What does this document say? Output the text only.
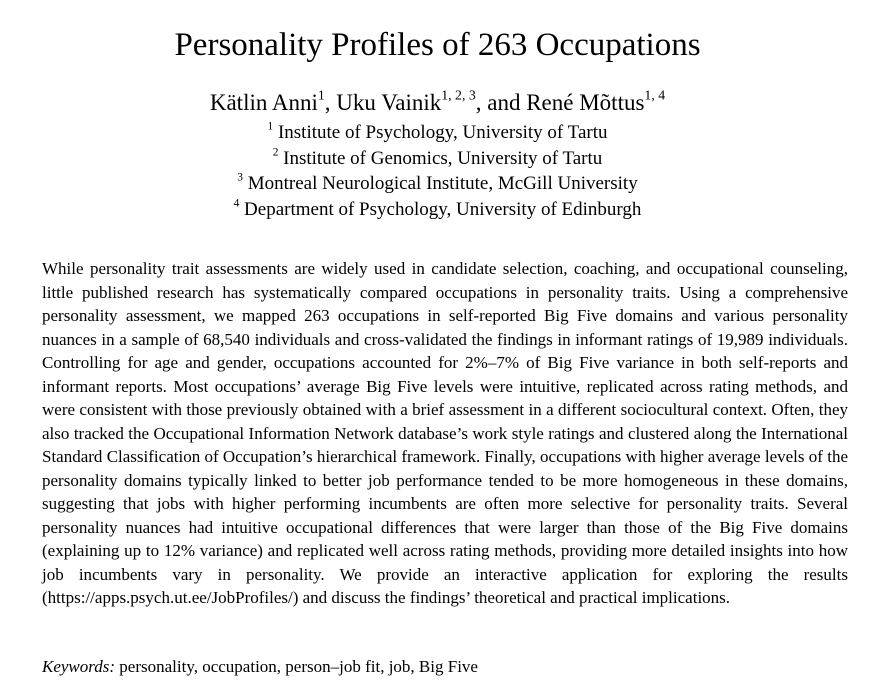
Personality Profiles of 263 Occupations
Kätlin Anni$^1$, Uku Vainik$^{1, 2, 3}$, and René Mõttus$^{1, 4}$
$^1$ Institute of Psychology, University of Tartu
$^2$ Institute of Genomics, University of Tartu
$^3$ Montreal Neurological Institute, McGill University
$^4$ Department of Psychology, University of Edinburgh

While personality trait assessments are widely used in candidate selection, coaching, and occupational counseling, little published research has systematically compared occupations in personality traits. Using a comprehensive personality assessment, we mapped 263 occupations in self-reported Big Five domains and various personality nuances in a sample of 68,540 individuals and cross-validated the findings in informant ratings of 19,989 individuals. Controlling for age and gender, occupations accounted for 2%–7% of Big Five variance in both self-reports and informant reports. Most occupations’ average Big Five levels were intuitive, replicated across rating methods, and were consistent with those previously obtained with a brief assessment in a different sociocultural context. Often, they also tracked the Occupational Information Network database’s work style ratings and clustered along the International Standard Classification of Occupation’s hierarchical framework. Finally, occupations with higher average levels of the personality domains typically linked to better job performance tended to be more homogeneous in these domains, suggesting that jobs with higher performing incumbents are often more selective for personality traits. Several personality nuances had intuitive occupational differences that were larger than those of the Big Five domains (explaining up to 12% variance) and replicated well across rating methods, providing more detailed insights into how job incumbents vary in personality. We provide an interactive application for exploring the results (https://apps.psych.ut.ee/JobProfiles/) and discuss the findings’ theoretical and practical implications.

Keywords: personality, occupation, person–job fit, job, Big Five
